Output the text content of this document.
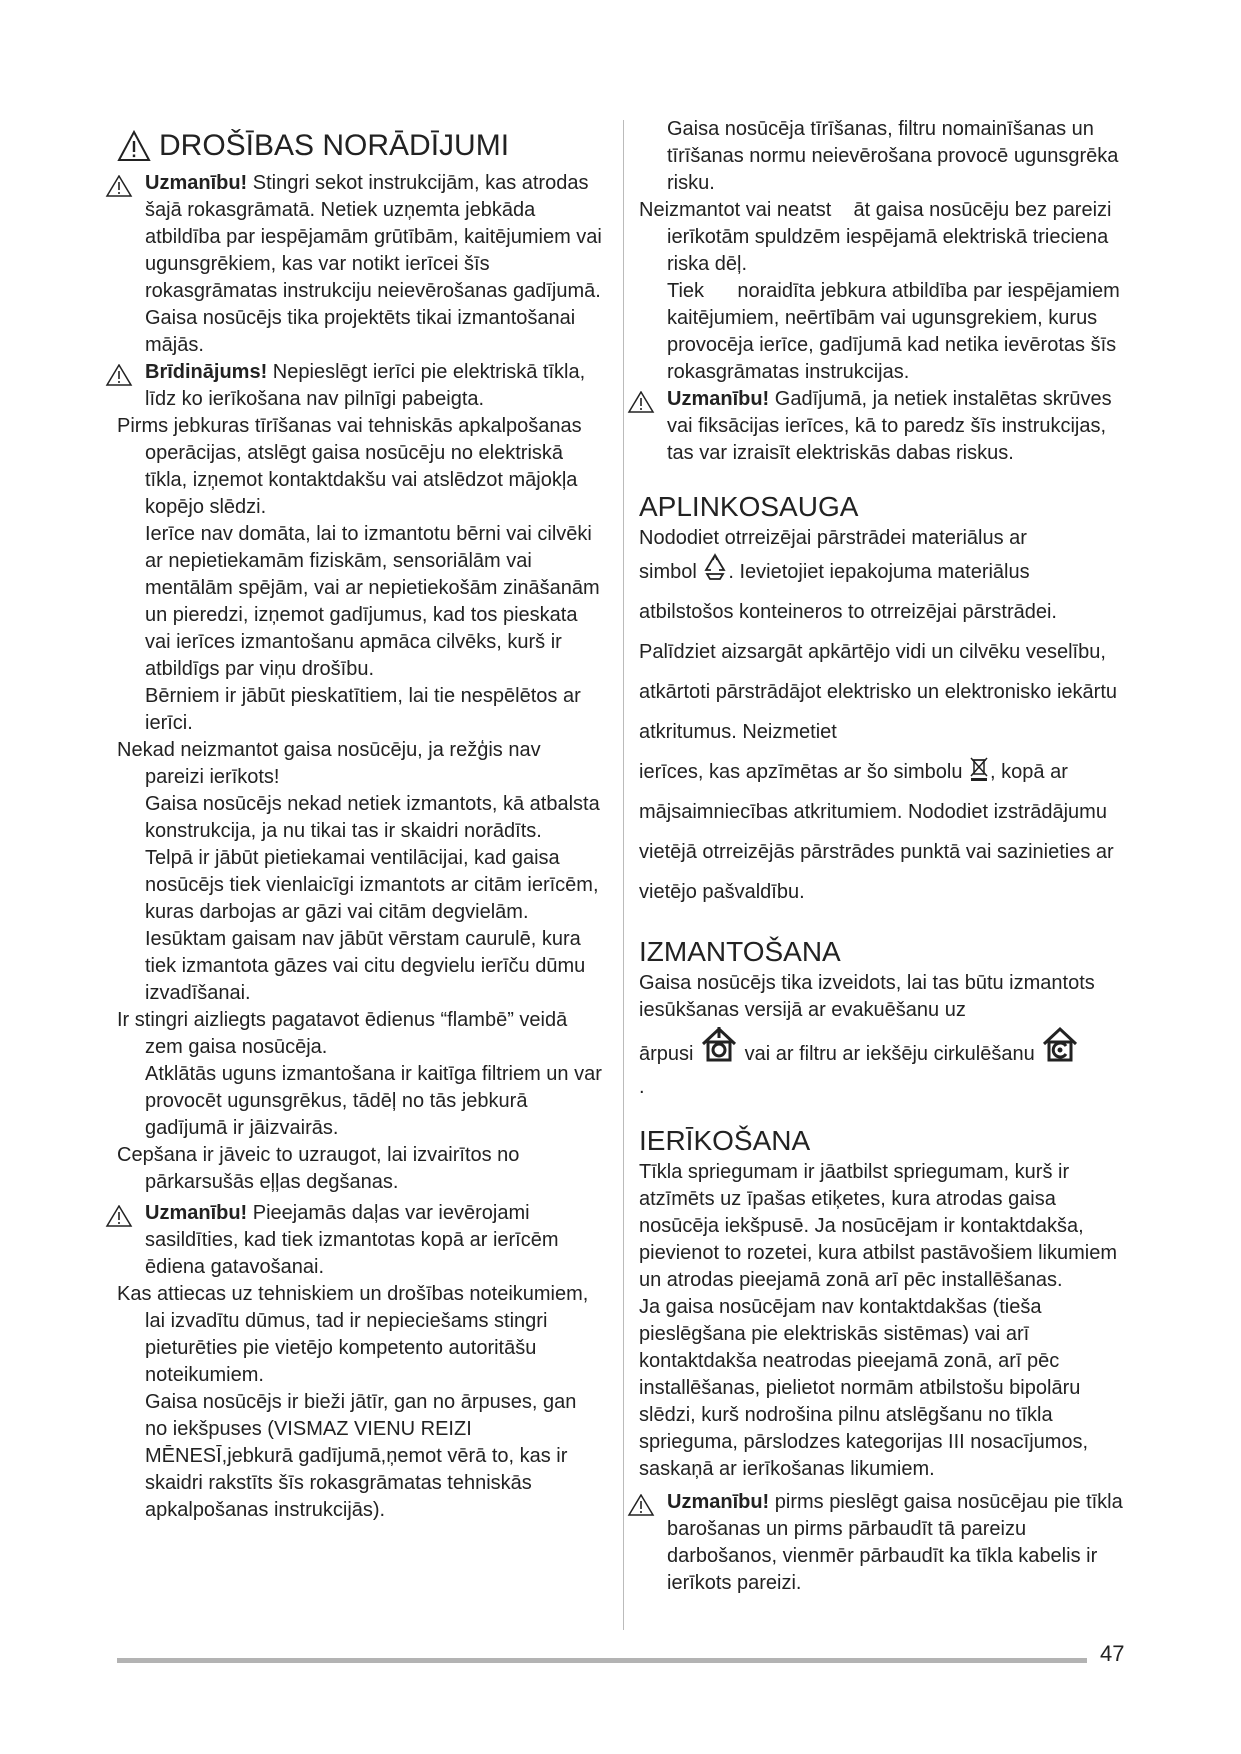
DROŠĪBAS NORĀDĪJUMI

Uzmanību! Stingri sekot instrukcijām, kas atrodas šajā rokasgrāmatā. Netiek uzņemta jebkāda atbildība par iespējamām grūtībām, kaitējumiem vai ugunsgrēkiem, kas var notikt ierīcei šīs rokasgrāmatas instrukciju neievērošanas gadījumā. Gaisa nosūcējs tika projektēts tikai izmantošanai mājās.

Brīdinājums! Nepieslēgt ierīci pie elektriskā tīkla, līdz ko ierīkošana nav pilnīgi pabeigta.

Pirms jebkuras tīrīšanas vai tehniskās apkalpošanas operācijas, atslēgt gaisa nosūcēju no elektriskā tīkla, izņemot kontaktdakšu vai atslēdzot mājokļa kopējo slēdzi.

Ierīce nav domāta, lai to izmantotu bērni vai cilvēki ar nepietiekamām fiziskām, sensoriālām vai mentālām spējām, vai ar nepietiekošām zināšanām un pieredzi, izņemot gadījumus, kad tos pieskata vai ierīces izmantošanu apmāca cilvēks, kurš ir atbildīgs par viņu drošību.

Bērniem ir jābūt pieskatītiem, lai tie nespēlētos ar ierīci.

Nekad neizmantot gaisa nosūcēju, ja režģis nav pareizi ierīkots!

Gaisa nosūcējs nekad netiek izmantots, kā atbalsta konstrukcija, ja nu tikai tas ir skaidri norādīts.

Telpā ir jābūt pietiekamai ventilācijai, kad gaisa nosūcējs tiek vienlaicīgi izmantots ar citām ierīcēm, kuras darbojas ar gāzi vai citām degvielām.

Iesūktam gaisam nav jābūt vērstam caurulē, kura tiek izmantota gāzes vai citu degvielu ierīču dūmu izvadīšanai.

Ir stingri aizliegts pagatavot ēdienus “flambē” veidā zem gaisa nosūcēja.

Atklātās uguns izmantošana ir kaitīga filtriem un var provocēt ugunsgrēkus, tādēļ no tās jebkurā gadījumā ir jāizvairās.

Cepšana ir jāveic to uzraugot, lai izvairītos no pārkarsušās eļļas degšanas.

Uzmanību! Pieejamās daļas var ievērojami sasildīties, kad tiek izmantotas kopā ar ierīcēm ēdiena gatavošanai.

Kas attiecas uz tehniskiem un drošības noteikumiem, lai izvadītu dūmus, tad ir nepieciešams stingri pieturēties pie vietējo kompetento autoritāšu noteikumiem.

Gaisa nosūcējs ir bieži jātīr, gan no ārpuses, gan no iekšpuses (VISMAZ VIENU REIZI MĒNESĪ,jebkurā gadījumā,ņemot vērā to, kas ir skaidri rakstīts šīs rokasgrāmatas tehniskās apkalpošanas instrukcijās).

Gaisa nosūcēja tīrīšanas, filtru nomainīšanas un tīrīšanas normu neievērošana provocē ugunsgrēka risku.

Neizmantot vai neatst    āt gaisa nosūcēju bez pareizi ierīkotām spuldzēm iespējamā elektriskā trieciena riska dēļ.

Tiek      noraidīta jebkura atbildība par iespējamiem kaitējumiem, neērtībām vai ugunsgrekiem, kurus provocēja ierīce, gadījumā kad netika ievērotas šīs rokasgrāmatas instrukcijas.

Uzmanību! Gadījumā, ja netiek instalētas skrūves vai fiksācijas ierīces, kā to paredz šīs instrukcijas, tas var izraisīt elektriskās dabas riskus.

APLINKOSAUGA

Nododiet otrreizējai pārstrādei materiālus ar
simbol . Ievietojiet iepakojuma materiālus atbilstošos konteineros to otrreizējai pārstrādei. Palīdziet aizsargāt apkārtējo vidi un cilvēku veselību, atkārtoti pārstrādājot elektrisko un elektronisko iekārtu atkritumus. Neizmetiet
ierīces, kas apzīmētas ar šo simbolu , kopā ar mājsaimniecības atkritumiem. Nododiet izstrādājumu vietējā otrreizējās pārstrādes punktā vai sazinieties ar vietējo pašvaldību.

IZMANTOŠANA

Gaisa nosūcējs tika izveidots, lai tas būtu izmantots iesūkšanas versijā ar evakuēšanu uz
ārpusi	vai ar filtru ar iekšēju cirkulēšanu
.

IERĪKOŠANA

Tīkla spriegumam ir jāatbilst spriegumam, kurš ir atzīmēts uz īpašas etiķetes, kura atrodas gaisa nosūcēja iekšpusē. Ja nosūcējam ir kontaktdakša, pievienot to rozetei, kura atbilst pastāvošiem likumiem un atrodas pieejamā zonā arī pēc installēšanas.

Ja gaisa nosūcējam nav kontaktdakšas (tieša pieslēgšana pie elektriskās sistēmas) vai arī kontaktdakša neatrodas pieejamā zonā, arī pēc installēšanas, pielietot normām atbilstošu bipolāru slēdzi, kurš nodrošina pilnu atslēgšanu no tīkla sprieguma, pārslodzes kategorijas III nosacījumos, saskaņā ar ierīkošanas likumiem.

Uzmanību! pirms pieslēgt gaisa nosūcējau pie tīkla barošanas un pirms pārbaudīt tā pareizu darbošanos, vienmēr pārbaudīt ka tīkla kabelis ir ierīkots pareizi.

47
